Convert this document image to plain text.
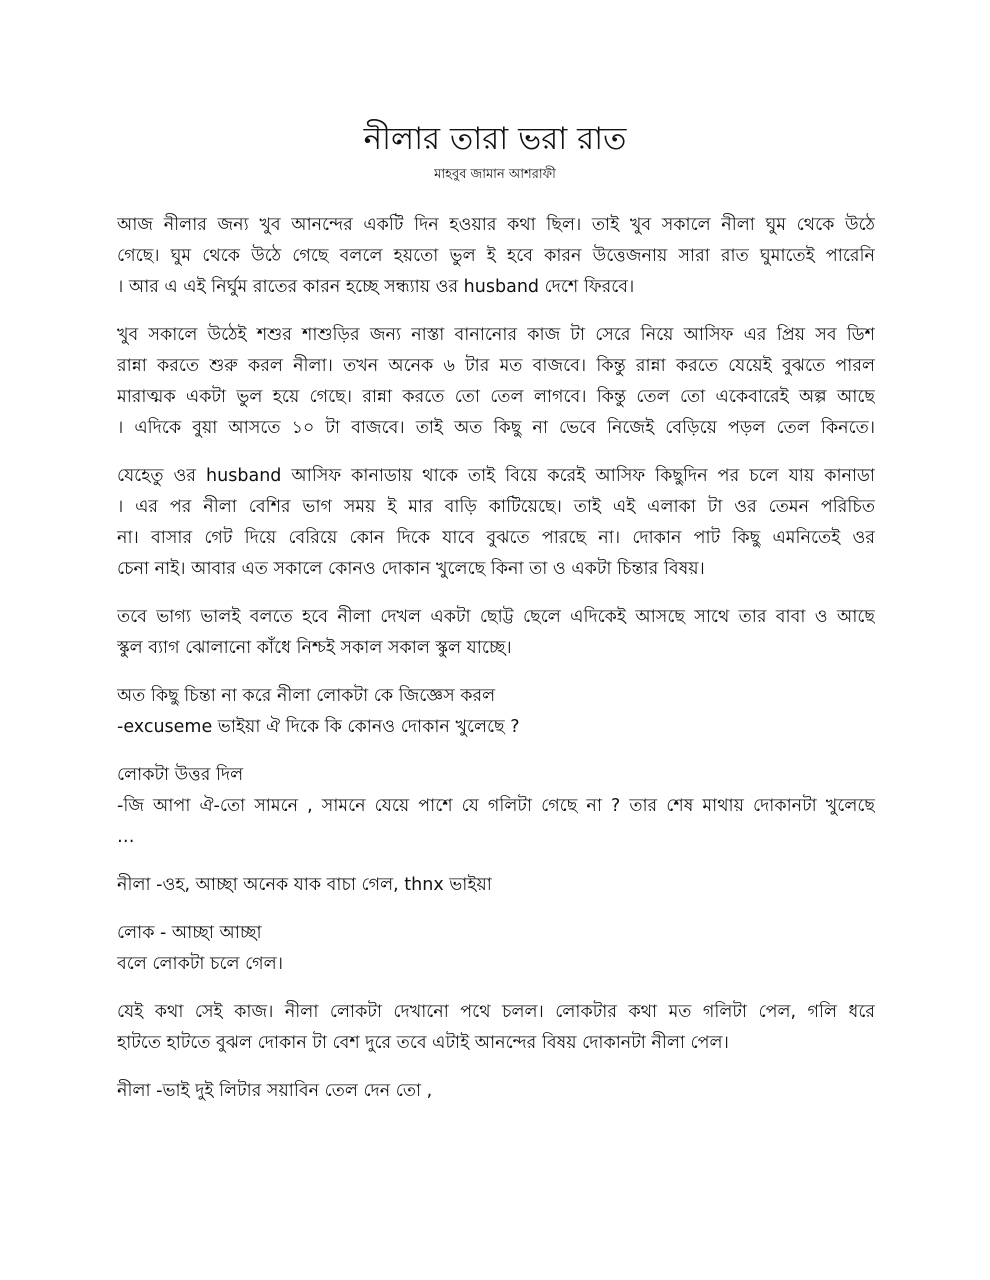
নীলার তারা ভরা রাত
মাহবুব জামান আশরাফী

আজ নীলার জন্য খুব আনন্দের একটি দিন হওয়ার কথা ছিল। তাই খুব সকালে নীলা ঘুম থেকে উঠে
গেছে। ঘুম থেকে উঠে গেছে বললে হয়তো ভুল ই হবে কারন উত্তেজনায় সারা রাত ঘুমাতেই পারেনি
। আর এ এই নির্ঘুম রাতের কারন হচ্ছে সন্ধ্যায় ওর husband দেশে ফিরবে।

খুব সকালে উঠেই শশুর শাশুড়ির জন্য নাস্তা বানানোর কাজ টা সেরে নিয়ে আসিফ এর প্রিয় সব ডিশ
রান্না করতে শুরু করল নীলা। তখন অনেক ৬ টার মত বাজবে। কিন্তু রান্না করতে যেয়েই বুঝতে পারল
মারাত্মক একটা ভুল হয়ে গেছে। রান্না করতে তো তেল লাগবে। কিন্তু তেল তো একেবারেই অল্প আছে
। এদিকে বুয়া আসতে ১০ টা বাজবে। তাই অত কিছু না ভেবে নিজেই বেড়িয়ে পড়ল তেল কিনতে।

যেহেতু ওর husband আসিফ কানাডায় থাকে তাই বিয়ে করেই আসিফ কিছুদিন পর চলে যায় কানাডা
। এর পর নীলা বেশির ভাগ সময় ই মার বাড়ি কাটিয়েছে। তাই এই এলাকা টা ওর তেমন পরিচিত
না। বাসার গেট দিয়ে বেরিয়ে কোন দিকে যাবে বুঝতে পারছে না। দোকান পাট কিছু এমনিতেই ওর
চেনা নাই। আবার এত সকালে কোনও দোকান খুলেছে কিনা তা ও একটা চিন্তার বিষয়।

তবে ভাগ্য ভালই বলতে হবে নীলা দেখল একটা ছোট্ট ছেলে এদিকেই আসছে সাথে তার বাবা ও আছে
স্কুল ব্যাগ ঝোলানো কাঁধে নিশ্চই সকাল সকাল স্কুল যাচ্ছে।

অত কিছু চিন্তা না করে নীলা লোকটা কে জিজ্ঞেস করল
-excuseme ভাইয়া ঐ দিকে কি কোনও দোকান খুলেছে ?

লোকটা উত্তর দিল
-জি আপা ঐ-তো সামনে , সামনে যেয়ে পাশে যে গলিটা গেছে না ? তার শেষ মাথায় দোকানটা খুলেছে
…

নীলা -ওহ, আচ্ছা অনেক যাক বাচা গেল, thnx ভাইয়া

লোক - আচ্ছা আচ্ছা
বলে লোকটা চলে গেল।

যেই কথা সেই কাজ। নীলা লোকটা দেখানো পথে চলল। লোকটার কথা মত গলিটা পেল, গলি ধরে
হাটতে হাটতে বুঝল দোকান টা বেশ দুরে তবে এটাই আনন্দের বিষয় দোকানটা নীলা পেল।

নীলা -ভাই দুই লিটার সয়াবিন তেল দেন তো ,
